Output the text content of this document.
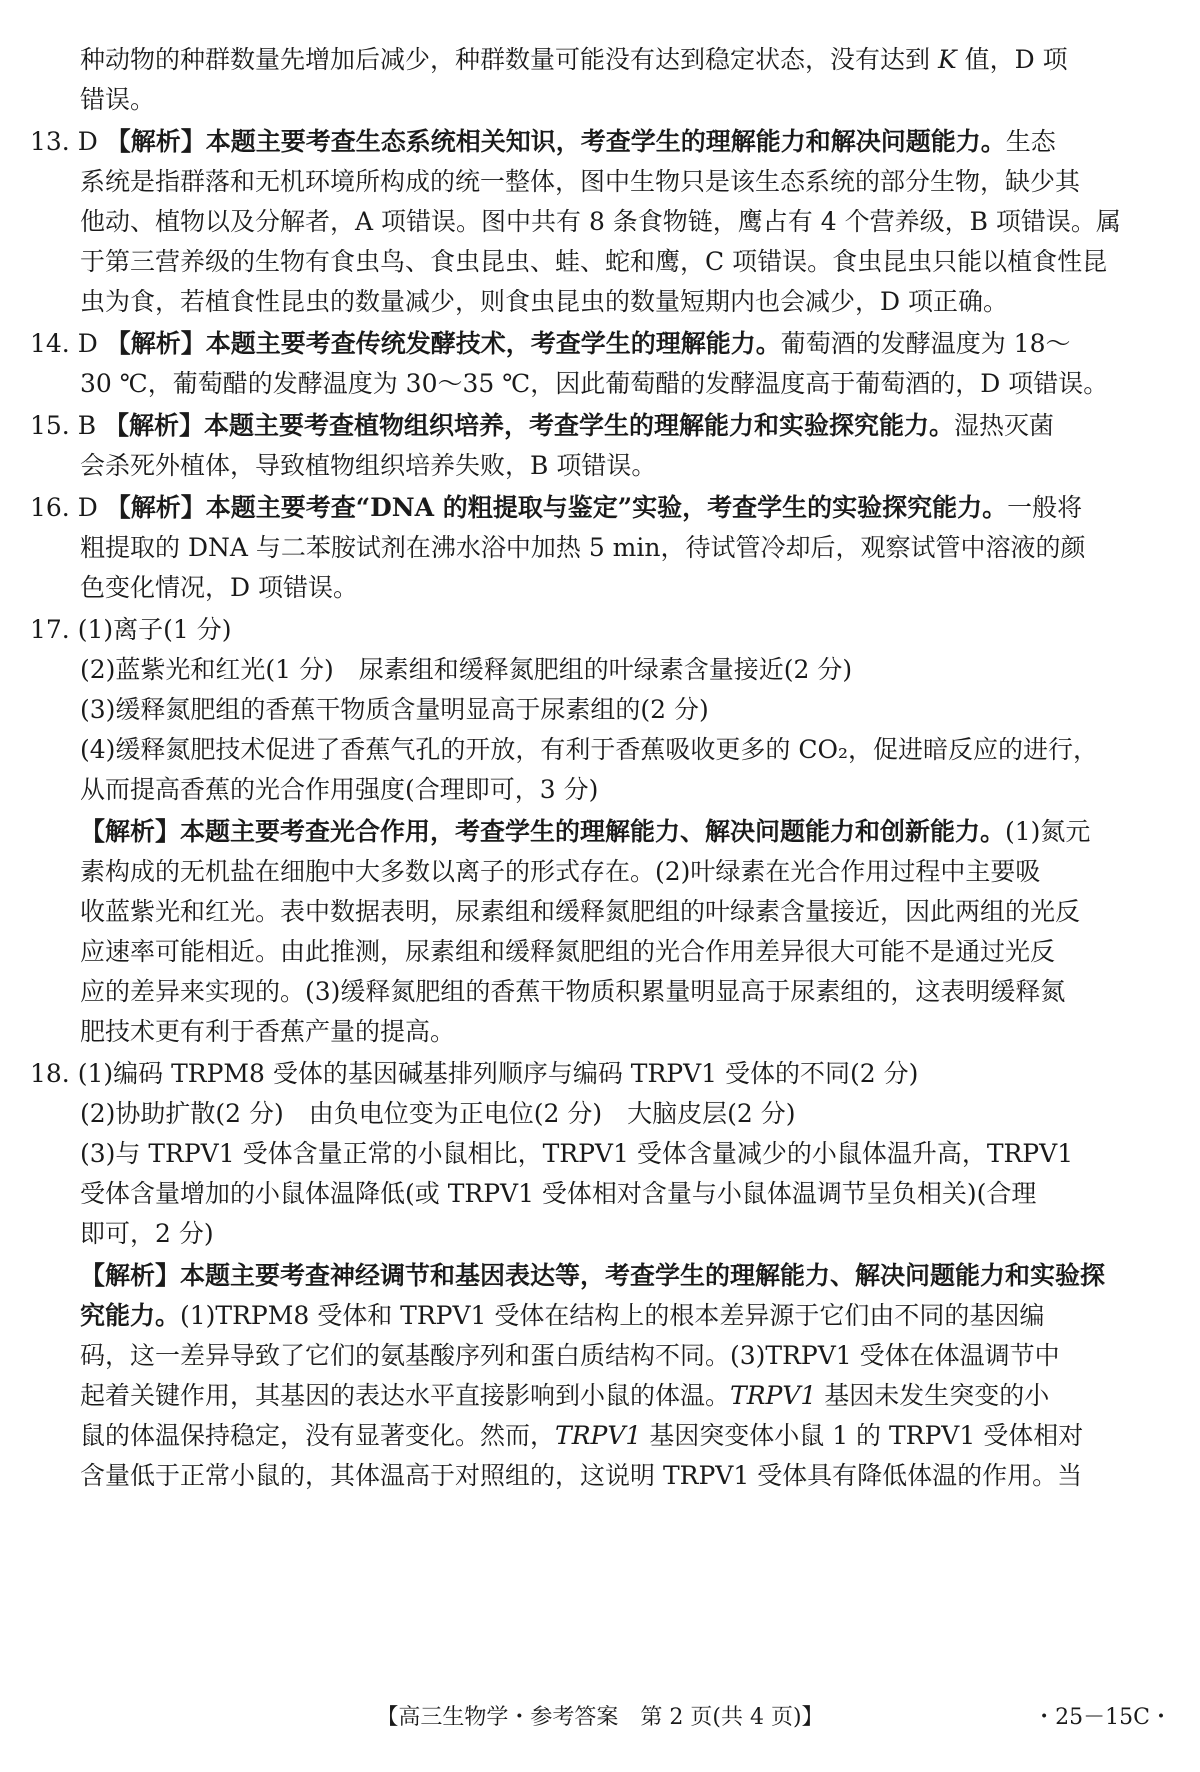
种动物的种群数量先增加后减少，种群数量可能没有达到稳定状态，没有达到 K 值，D 项
错误。
13. D 【解析】本题主要考查生态系统相关知识，考查学生的理解能力和解决问题能力。生态
系统是指群落和无机环境所构成的统一整体，图中生物只是该生态系统的部分生物，缺少其
他动、植物以及分解者，A 项错误。图中共有 8 条食物链，鹰占有 4 个营养级，B 项错误。属
于第三营养级的生物有食虫鸟、食虫昆虫、蛙、蛇和鹰，C 项错误。食虫昆虫只能以植食性昆
虫为食，若植食性昆虫的数量减少，则食虫昆虫的数量短期内也会减少，D 项正确。
14. D 【解析】本题主要考查传统发酵技术，考查学生的理解能力。葡萄酒的发酵温度为 18～
30 ℃，葡萄醋的发酵温度为 30～35 ℃，因此葡萄醋的发酵温度高于葡萄酒的，D 项错误。
15. B 【解析】本题主要考查植物组织培养，考查学生的理解能力和实验探究能力。湿热灭菌
会杀死外植体，导致植物组织培养失败，B 项错误。
16. D 【解析】本题主要考查“DNA 的粗提取与鉴定”实验，考查学生的实验探究能力。一般将
粗提取的 DNA 与二苯胺试剂在沸水浴中加热 5 min，待试管冷却后，观察试管中溶液的颜
色变化情况，D 项错误。
17. (1)离子(1 分)
(2)蓝紫光和红光(1 分)　尿素组和缓释氮肥组的叶绿素含量接近(2 分)
(3)缓释氮肥组的香蕉干物质含量明显高于尿素组的(2 分)
(4)缓释氮肥技术促进了香蕉气孔的开放，有利于香蕉吸收更多的 CO₂，促进暗反应的进行，
从而提高香蕉的光合作用强度(合理即可，3 分)
【解析】本题主要考查光合作用，考查学生的理解能力、解决问题能力和创新能力。(1)氮元
素构成的无机盐在细胞中大多数以离子的形式存在。(2)叶绿素在光合作用过程中主要吸
收蓝紫光和红光。表中数据表明，尿素组和缓释氮肥组的叶绿素含量接近，因此两组的光反
应速率可能相近。由此推测，尿素组和缓释氮肥组的光合作用差异很大可能不是通过光反
应的差异来实现的。(3)缓释氮肥组的香蕉干物质积累量明显高于尿素组的，这表明缓释氮
肥技术更有利于香蕉产量的提高。
18. (1)编码 TRPM8 受体的基因碱基排列顺序与编码 TRPV1 受体的不同(2 分)
(2)协助扩散(2 分)　由负电位变为正电位(2 分)　大脑皮层(2 分)
(3)与 TRPV1 受体含量正常的小鼠相比，TRPV1 受体含量减少的小鼠体温升高，TRPV1
受体含量增加的小鼠体温降低(或 TRPV1 受体相对含量与小鼠体温调节呈负相关)(合理
即可，2 分)
【解析】本题主要考查神经调节和基因表达等，考查学生的理解能力、解决问题能力和实验探
究能力。(1)TRPM8 受体和 TRPV1 受体在结构上的根本差异源于它们由不同的基因编
码，这一差异导致了它们的氨基酸序列和蛋白质结构不同。(3)TRPV1 受体在体温调节中
起着关键作用，其基因的表达水平直接影响到小鼠的体温。TRPV1 基因未发生突变的小
鼠的体温保持稳定，没有显著变化。然而，TRPV1 基因突变体小鼠 1 的 TRPV1 受体相对
含量低于正常小鼠的，其体温高于对照组的，这说明 TRPV1 受体具有降低体温的作用。当
【高三生物学・参考答案　第 2 页(共 4 页)】	・25－15C・
